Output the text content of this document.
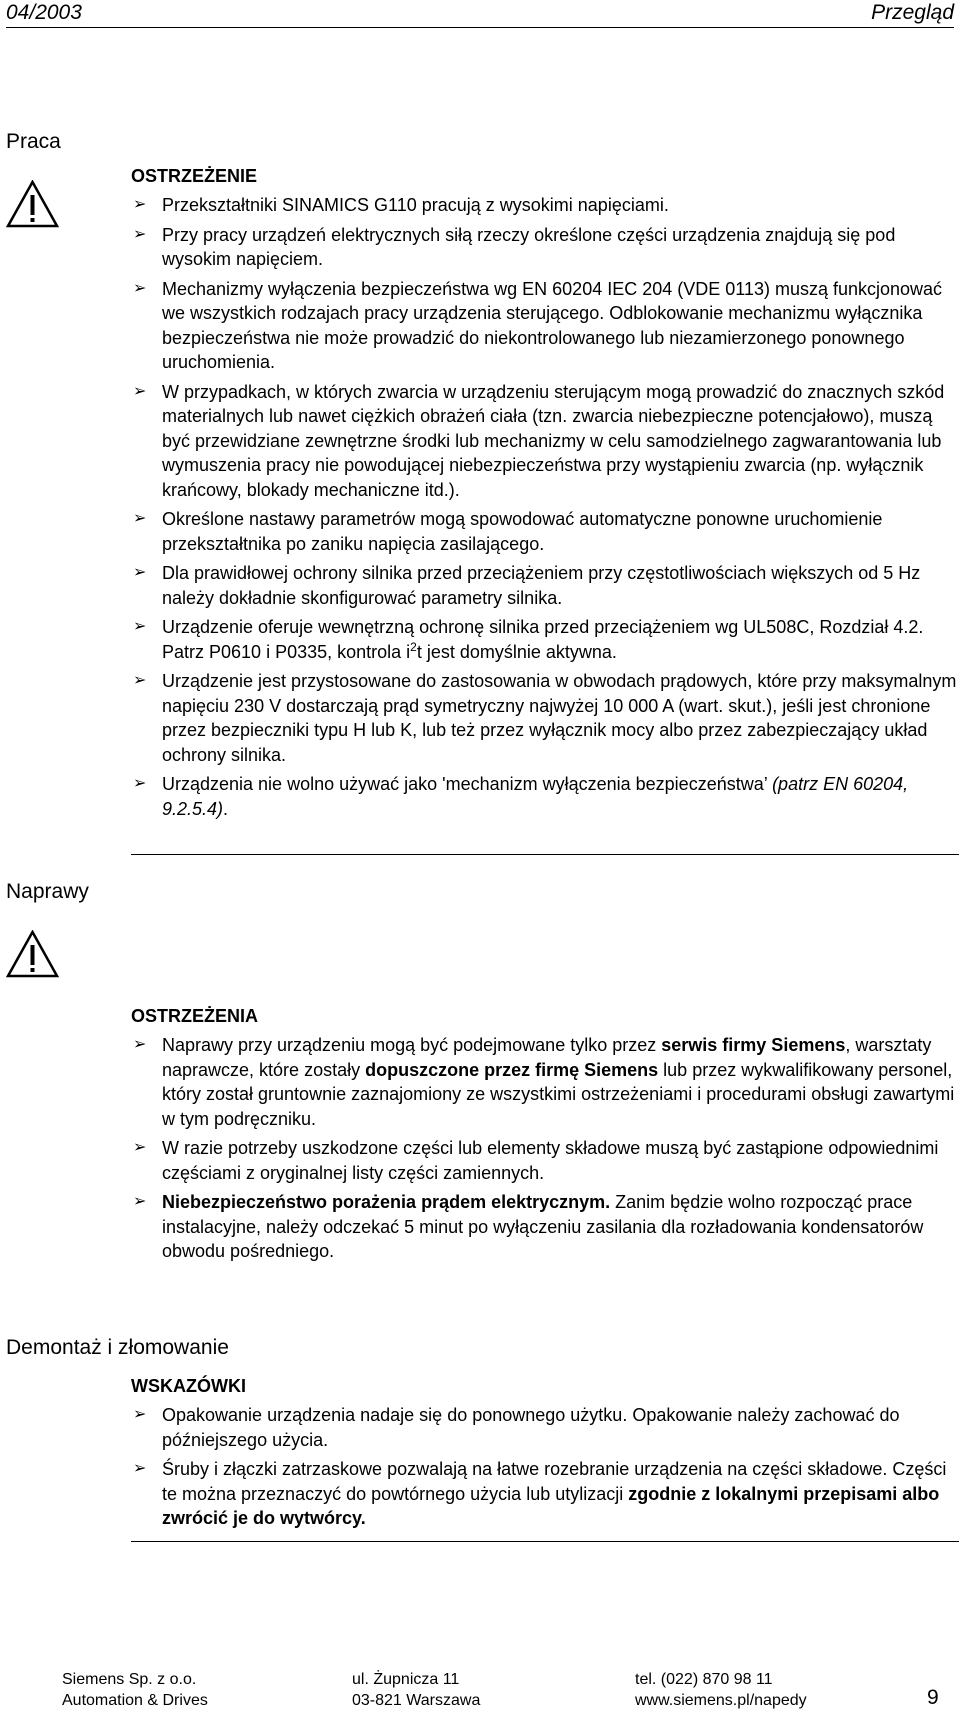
04/2003	Przegląd
Praca
OSTRZEŻENIE
➢ Przekształtniki SINAMICS G110 pracują z wysokimi napięciami.
➢ Przy pracy urządzeń elektrycznych siłą rzeczy określone części urządzenia znajdują się pod wysokim napięciem.
➢ Mechanizmy wyłączenia bezpieczeństwa wg EN 60204 IEC 204 (VDE 0113) muszą funkcjonować we wszystkich rodzajach pracy urządzenia sterującego. Odblokowanie mechanizmu wyłącznika bezpieczeństwa nie może prowadzić do niekontrolowanego lub niezamierzonego ponownego uruchomienia.
➢ W przypadkach, w których zwarcia w urządzeniu sterującym mogą prowadzić do znacznych szkód materialnych lub nawet ciężkich obrażeń ciała (tzn. zwarcia niebezpieczne potencjałowo), muszą być przewidziane zewnętrzne środki lub mechanizmy w celu samodzielnego zagwarantowania lub wymuszenia pracy nie powodującej niebezpieczeństwa przy wystąpieniu zwarcia (np. wyłącznik krańcowy, blokady mechaniczne itd.).
➢ Określone nastawy parametrów mogą spowodować automatyczne ponowne uruchomienie przekształtnika po zaniku napięcia zasilającego.
➢ Dla prawidłowej ochrony silnika przed przeciążeniem przy częstotliwościach większych od 5 Hz należy dokładnie skonfigurować parametry silnika.
➢ Urządzenie oferuje wewnętrzną ochronę silnika przed przeciążeniem wg UL508C, Rozdział 4.2. Patrz P0610 i P0335, kontrola $i^2t$ jest domyślnie aktywna.
➢ Urządzenie jest przystosowane do zastosowania w obwodach prądowych, które przy maksymalnym napięciu 230 V dostarczają prąd symetryczny najwyżej 10 000 A (wart. skut.), jeśli jest chronione przez bezpieczniki typu H lub K, lub też przez wyłącznik mocy albo przez zabezpieczający układ ochrony silnika.
➢ Urządzenia nie wolno używać jako 'mechanizm wyłączenia bezpieczeństwa’ (patrz EN 60204, 9.2.5.4).
Naprawy
OSTRZEŻENIA
➢ Naprawy przy urządzeniu mogą być podejmowane tylko przez serwis firmy Siemens, warsztaty naprawcze, które zostały dopuszczone przez firmę Siemens lub przez wykwalifikowany personel, który został gruntownie zaznajomiony ze wszystkimi ostrzeżeniami i procedurami obsługi zawartymi w tym podręczniku.
➢ W razie potrzeby uszkodzone części lub elementy składowe muszą być zastąpione odpowiednimi częściami z oryginalnej listy części zamiennych.
➢ Niebezpieczeństwo porażenia prądem elektrycznym. Zanim będzie wolno rozpocząć prace instalacyjne, należy odczekać 5 minut po wyłączeniu zasilania dla rozładowania kondensatorów obwodu pośredniego.
Demontaż i złomowanie
WSKAZÓWKI
➢ Opakowanie urządzenia nadaje się do ponownego użytku. Opakowanie należy zachować do późniejszego użycia.
➢ Śruby i złączki zatrzaskowe pozwalają na łatwe rozebranie urządzenia na części składowe. Części te można przeznaczyć do powtórnego użycia lub utylizacji zgodnie z lokalnymi przepisami albo zwrócić je do wytwórcy.
Siemens Sp. z o.o.
Automation & Drives
ul. Żupnicza 11
03-821 Warszawa
tel. (022) 870 98 11
www.siemens.pl/napedy	9
